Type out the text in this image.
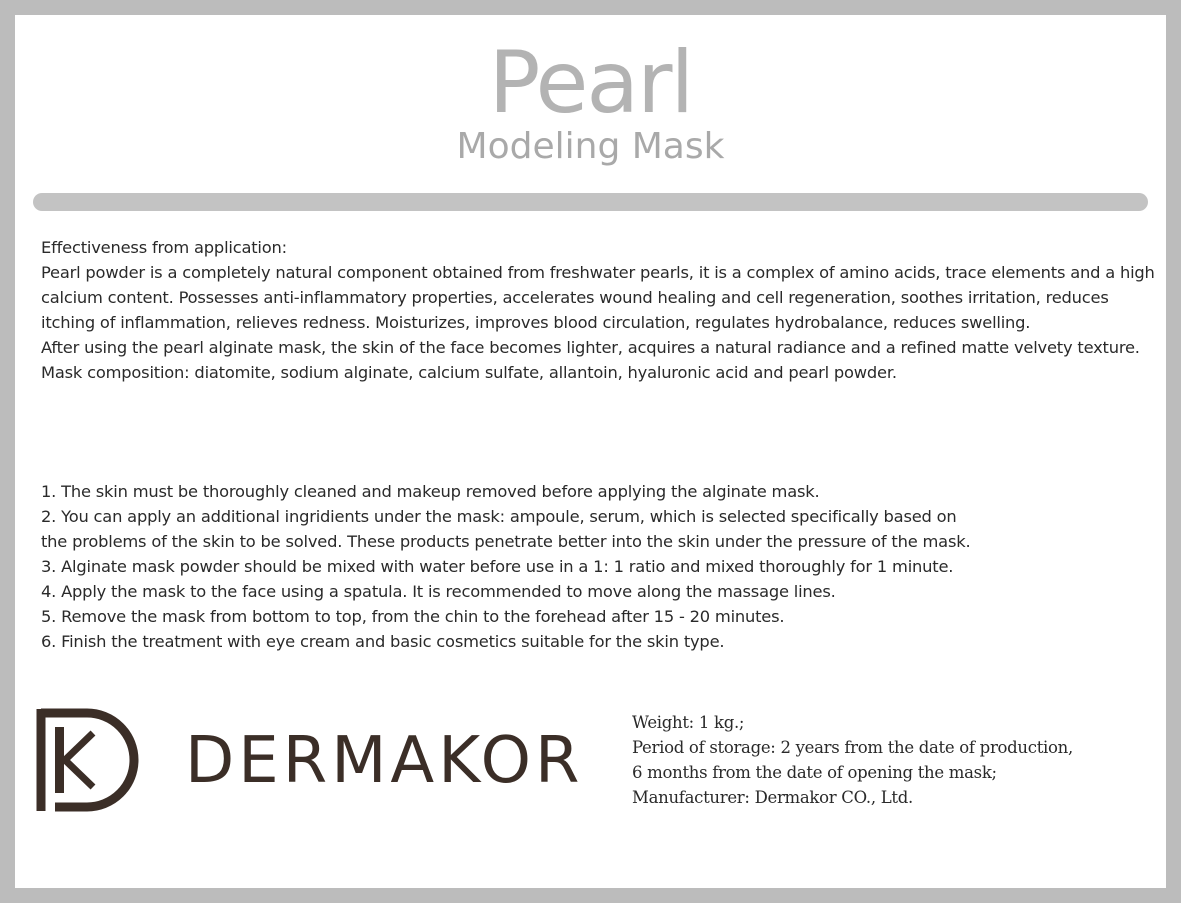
Pearl
Modeling Mask

Effectiveness from application:

Pearl powder is a completely natural component obtained from freshwater pearls, it is a complex of amino acids, trace elements and a high calcium content. Possesses anti-inflammatory properties, accelerates wound healing and cell regeneration, soothes irritation, reduces itching of inflammation, relieves redness. Moisturizes, improves blood circulation, regulates hydrobalance, reduces swelling.

After using the pearl alginate mask, the skin of the face becomes lighter, acquires a natural radiance and a refined matte velvety texture.

Mask composition: diatomite, sodium alginate, calcium sulfate, allantoin, hyaluronic acid and pearl powder.

1. The skin must be thoroughly cleaned and makeup removed before applying the alginate mask.

2. You can apply an additional ingridients under the mask: ampoule, serum, which is selected specifically based on

the problems of the skin to be solved. These products penetrate better into the skin under the pressure of the mask.

3. Alginate mask powder should be mixed with water before use in a 1: 1 ratio and mixed thoroughly for 1 minute.

4. Apply the mask to the face using a spatula. It is recommended to move along the massage lines.

5. Remove the mask from bottom to top, from the chin to the forehead after 15 - 20 minutes.

6. Finish the treatment with eye cream and basic cosmetics suitable for the skin type.

DERMAKOR

Weight: 1 kg.;

Period of storage: 2 years from the date of production,

6 months from the date of opening the mask;

Manufacturer: Dermakor CO., Ltd.
